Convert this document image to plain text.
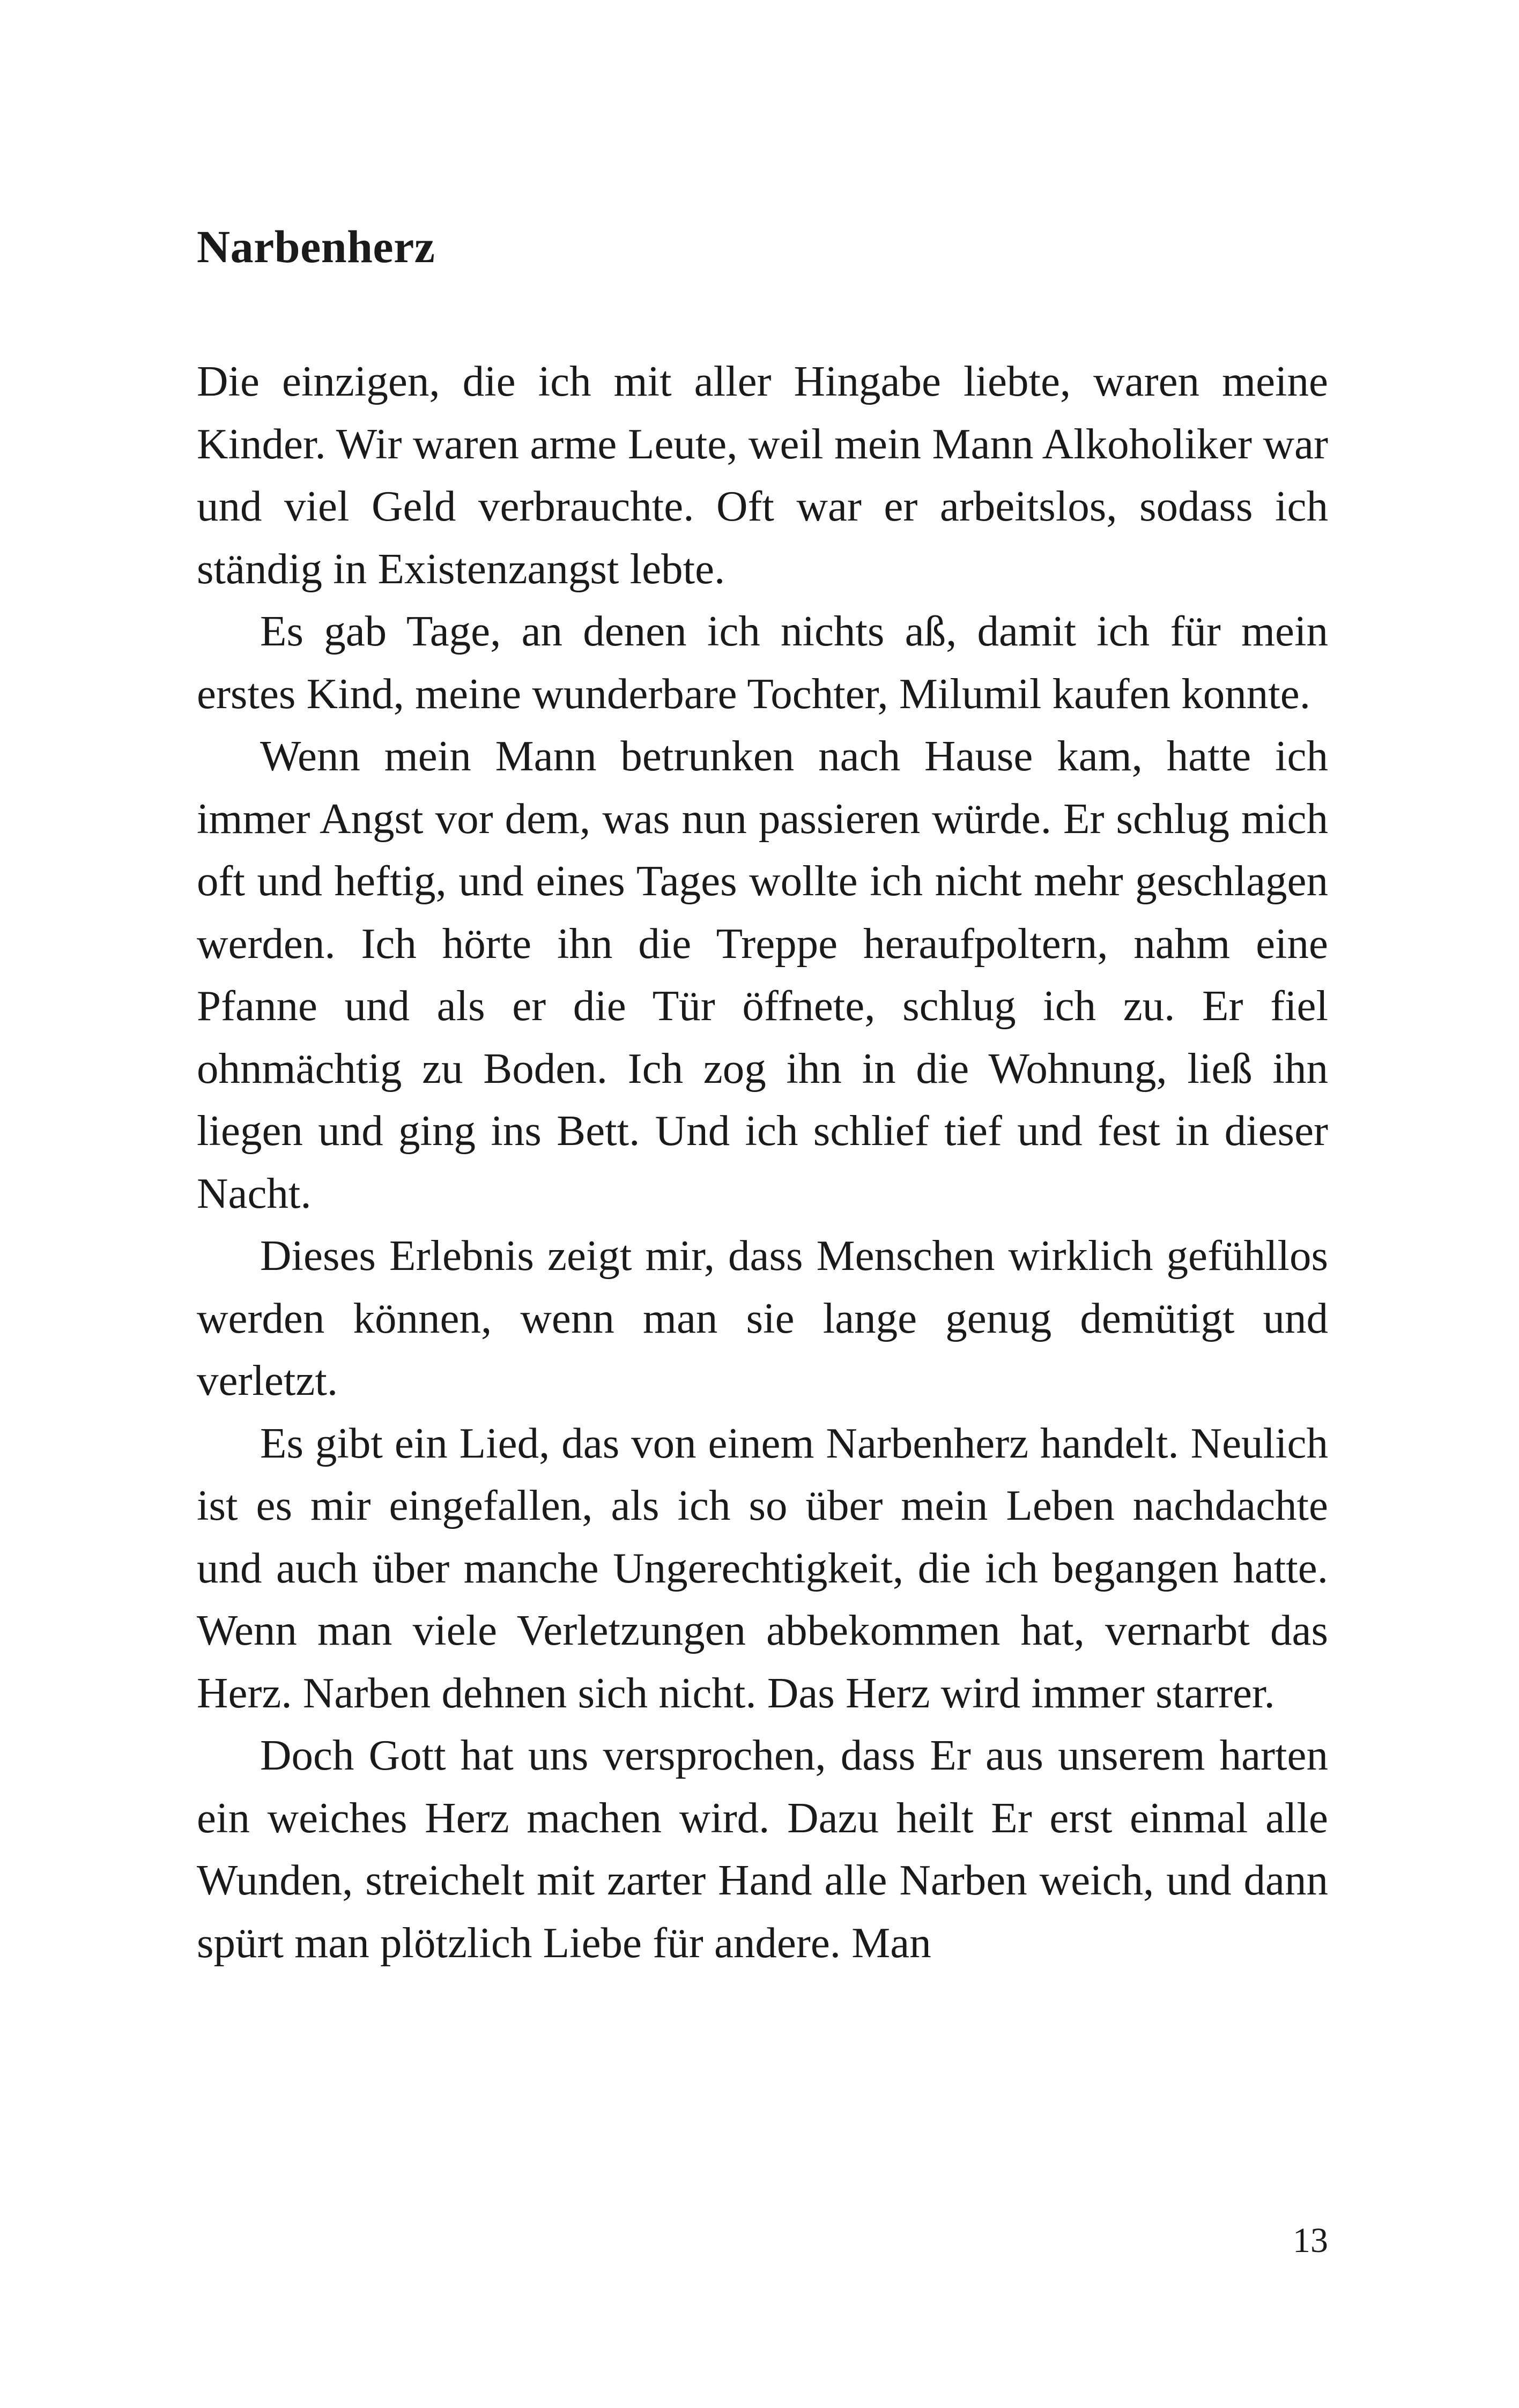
Narbenherz

Die einzigen, die ich mit aller Hingabe liebte, waren meine Kinder. Wir waren arme Leute, weil mein Mann Alkoholiker war und viel Geld verbrauchte. Oft war er arbeitslos, sodass ich ständig in Existenzangst lebte.

Es gab Tage, an denen ich nichts aß, damit ich für mein erstes Kind, meine wunderbare Tochter, Milumil kaufen konnte.

Wenn mein Mann betrunken nach Hause kam, hatte ich immer Angst vor dem, was nun passieren würde. Er schlug mich oft und heftig, und eines Tages wollte ich nicht mehr geschlagen werden. Ich hörte ihn die Treppe heraufpoltern, nahm eine Pfanne und als er die Tür öffnete, schlug ich zu. Er fiel ohnmächtig zu Boden. Ich zog ihn in die Wohnung, ließ ihn liegen und ging ins Bett. Und ich schlief tief und fest in dieser Nacht.

Dieses Erlebnis zeigt mir, dass Menschen wirklich gefühllos werden können, wenn man sie lange genug demütigt und verletzt.

Es gibt ein Lied, das von einem Narbenherz handelt. Neulich ist es mir eingefallen, als ich so über mein Leben nachdachte und auch über manche Ungerechtigkeit, die ich begangen hatte. Wenn man viele Verletzungen abbekommen hat, vernarbt das Herz. Narben dehnen sich nicht. Das Herz wird immer starrer.

Doch Gott hat uns versprochen, dass Er aus unserem harten ein weiches Herz machen wird. Dazu heilt Er erst einmal alle Wunden, streichelt mit zarter Hand alle Narben weich, und dann spürt man plötzlich Liebe für andere. Man

13
